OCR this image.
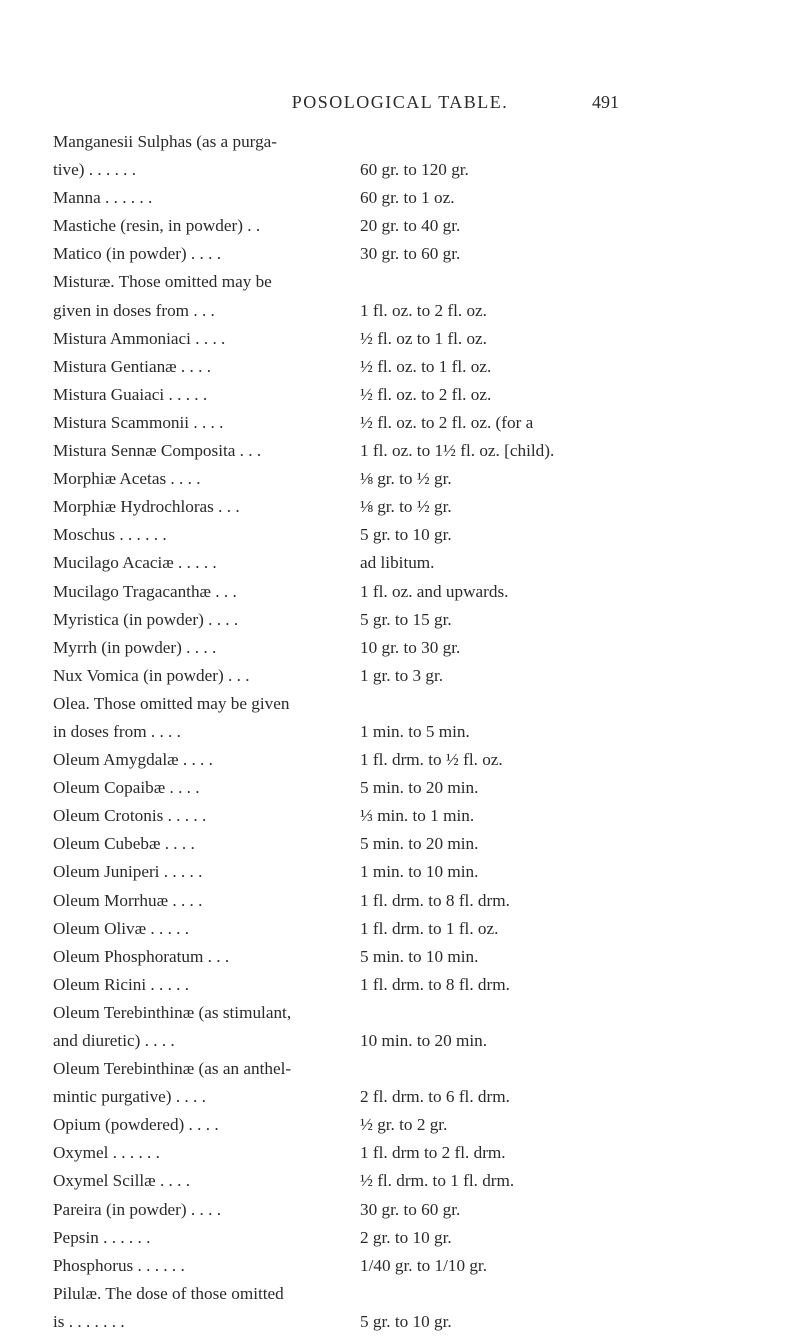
POSOLOGICAL TABLE.	491
Manganesii Sulphas (as a purga-
tive) . . . . . .	60 gr. to 120 gr.
Manna . . . . . .	60 gr. to 1 oz.
Mastiche (resin, in powder) . .	20 gr. to 40 gr.
Matico (in powder) . . . .	30 gr. to 60 gr.
Misturæ. Those omitted may be
given in doses from . . .	1 fl. oz. to 2 fl. oz.
Mistura Ammoniaci . . . .	½ fl. oz to 1 fl. oz.
Mistura Gentianæ . . . .	½ fl. oz. to 1 fl. oz.
Mistura Guaiaci . . . . .	½ fl. oz. to 2 fl. oz.
Mistura Scammonii . . . .	½ fl. oz. to 2 fl. oz. (for a
Mistura Sennæ Composita . . .	1 fl. oz. to 1½ fl. oz. [child).
Morphiæ Acetas . . . .	⅛ gr. to ½ gr.
Morphiæ Hydrochloras . . .	⅛ gr. to ½ gr.
Moschus . . . . . .	5 gr. to 10 gr.
Mucilago Acaciæ . . . . .	ad libitum.
Mucilago Tragacanthæ . . .	1 fl. oz. and upwards.
Myristica (in powder) . . . .	5 gr. to 15 gr.
Myrrh (in powder) . . . .	10 gr. to 30 gr.
Nux Vomica (in powder) . . .	1 gr. to 3 gr.
Olea. Those omitted may be given
in doses from . . . .	1 min. to 5 min.
Oleum Amygdalæ . . . .	1 fl. drm. to ½ fl. oz.
Oleum Copaibæ . . . .	5 min. to 20 min.
Oleum Crotonis . . . . .	⅓ min. to 1 min.
Oleum Cubebæ . . . .	5 min. to 20 min.
Oleum Juniperi . . . . .	1 min. to 10 min.
Oleum Morrhuæ . . . .	1 fl. drm. to 8 fl. drm.
Oleum Olivæ . . . . .	1 fl. drm. to 1 fl. oz.
Oleum Phosphoratum . . .	5 min. to 10 min.
Oleum Ricini . . . . .	1 fl. drm. to 8 fl. drm.
Oleum Terebinthinæ (as stimulant,
and diuretic) . . . .	10 min. to 20 min.
Oleum Terebinthinæ (as an anthel-
mintic purgative) . . . .	2 fl. drm. to 6 fl. drm.
Opium (powdered) . . . .	½ gr. to 2 gr.
Oxymel . . . . . .	1 fl. drm to 2 fl. drm.
Oxymel Scillæ . . . .	½ fl. drm. to 1 fl. drm.
Pareira (in powder) . . . .	30 gr. to 60 gr.
Pepsin . . . . . .	2 gr. to 10 gr.
Phosphorus . . . . . .	1/40 gr. to 1/10 gr.
Pilulæ. The dose of those omitted
is . . . . . . .	5 gr. to 10 gr.
